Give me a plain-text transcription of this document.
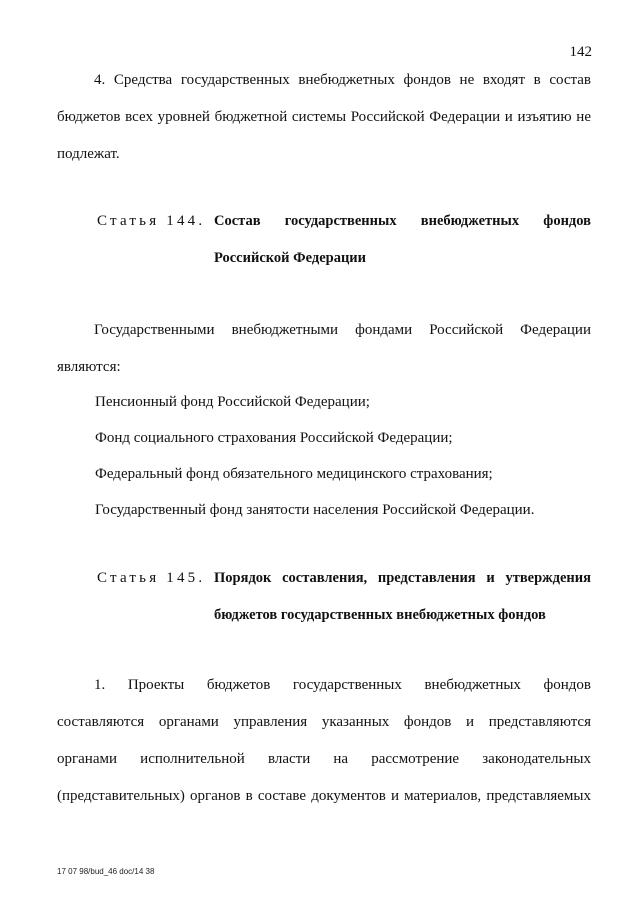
142
4. Средства государственных внебюджетных фондов не входят в состав
бюджетов всех уровней бюджетной системы Российской Федерации и изъятию не
подлежат.
Статья 144. Состав государственных внебюджетных фондов
Российской Федерации
Государственными внебюджетными фондами Российской Федерации
являются:
Пенсионный фонд Российской Федерации;
Фонд социального страхования Российской Федерации;
Федеральный фонд обязательного медицинского страхования;
Государственный фонд занятости населения Российской Федерации.
Статья 145. Порядок составления, представления и утверждения
бюджетов государственных внебюджетных фондов
1. Проекты бюджетов государственных внебюджетных фондов
составляются органами управления указанных фондов и представляются
органами исполнительной власти на рассмотрение законодательных
(представительных) органов в составе документов и материалов, представляемых
17 07 98/bud_46 doc/14 38
